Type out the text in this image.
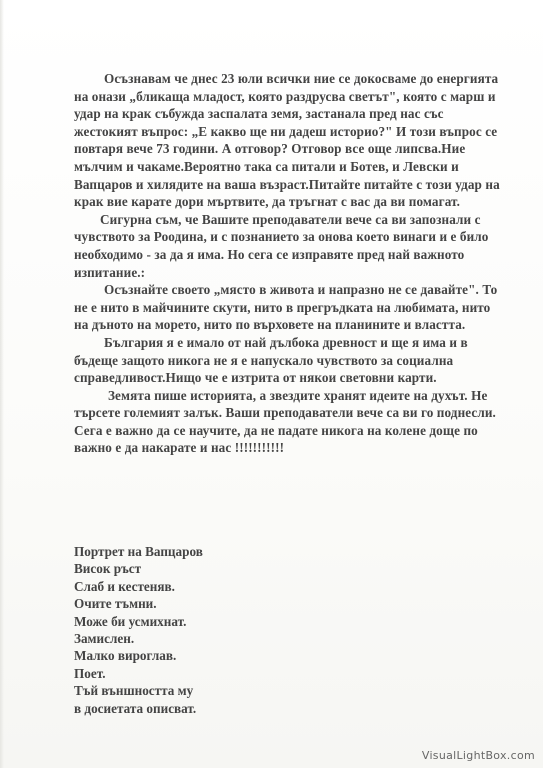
Осъзнавам че днес 23 юли всички ние се докосваме до енергията на онази „бликаща младост, която раздрусва светът", която с марш и удар на крак събужда заспалата земя, застанала пред нас със жестокият въпрос: „Е какво ще ни дадеш историо?" И този въпрос се повтаря вече 73 години. А отговор? Отговор все още липсва.Ние мълчим и чакаме.Вероятно така са питали и Ботев, и Левски и Вапцаров и хилядите на ваша възраст.Питайте питайте с този удар на крак вие карате дори мъртвите, да тръгнат с вас да ви помагат.

Сигурна съм, че Вашите преподаватели вече са ви запознали с чувството за Роодина, и с познанието за онова което винаги и е било необходимо - за да я има. Но сега се изправяте пред най важното изпитание.:

Осъзнайте своето „място в живота и напразно не се давайте". То не е нито в майчините скути, нито в прегръдката на любимата, нито на дъното на морето, нито по върховете на планините и властта.

България я е имало от най дълбока древност и ще я има и в бъдеще защото никога не я е напускало чувството за социална справедливост.Нищо че е изтрита от някои световни карти.

Земята пише историята, а звездите хранят идеите на духът. Не търсете големият залък. Ваши преподаватели вече са ви го поднесли. Сега е важно да се научите, да не падате никога на колене доще по важно е да накарате и нас !!!!!!!!!!!

Портрет на Вапцаров
Висок ръст
Слаб и кестеняв.
Очите тъмни.
Може би усмихнат.
Замислен.
Малко вироглав.
Поет.
Тъй външността му
в досиетата описват.
VisualLightBox.com
